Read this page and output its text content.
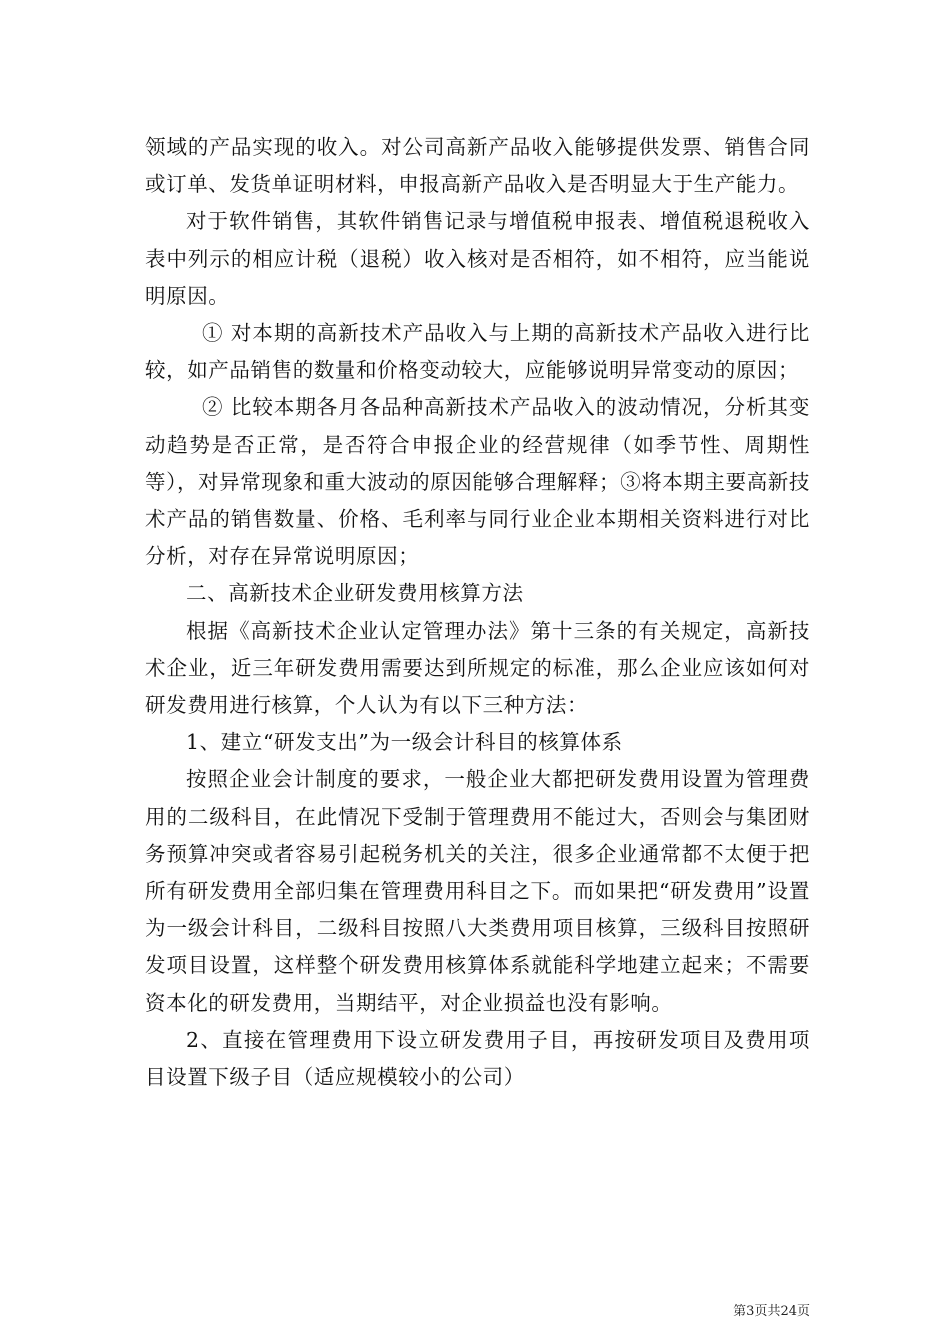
领域的产品实现的收入。对公司高新产品收入能够提供发票、销售合同或订单、发货单证明材料，申报高新产品收入是否明显大于生产能力。

对于软件销售，其软件销售记录与增值税申报表、增值税退税收入表中列示的相应计税（退税）收入核对是否相符，如不相符，应当能说明原因。

① 对本期的高新技术产品收入与上期的高新技术产品收入进行比较，如产品销售的数量和价格变动较大，应能够说明异常变动的原因；

② 比较本期各月各品种高新技术产品收入的波动情况，分析其变动趋势是否正常，是否符合申报企业的经营规律（如季节性、周期性等），对异常现象和重大波动的原因能够合理解释；③将本期主要高新技术产品的销售数量、价格、毛利率与同行业企业本期相关资料进行对比分析，对存在异常说明原因；

二、高新技术企业研发费用核算方法

根据《高新技术企业认定管理办法》第十三条的有关规定，高新技术企业，近三年研发费用需要达到所规定的标准，那么企业应该如何对研发费用进行核算，个人认为有以下三种方法：

1、建立“研发支出”为一级会计科目的核算体系

按照企业会计制度的要求，一般企业大都把研发费用设置为管理费用的二级科目，在此情况下受制于管理费用不能过大，否则会与集团财务预算冲突或者容易引起税务机关的关注，很多企业通常都不太便于把所有研发费用全部归集在管理费用科目之下。而如果把“研发费用”设置为一级会计科目，二级科目按照八大类费用项目核算，三级科目按照研发项目设置，这样整个研发费用核算体系就能科学地建立起来；不需要资本化的研发费用，当期结平，对企业损益也没有影响。

2、直接在管理费用下设立研发费用子目，再按研发项目及费用项目设置下级子目（适应规模较小的公司）

第3页共24页
